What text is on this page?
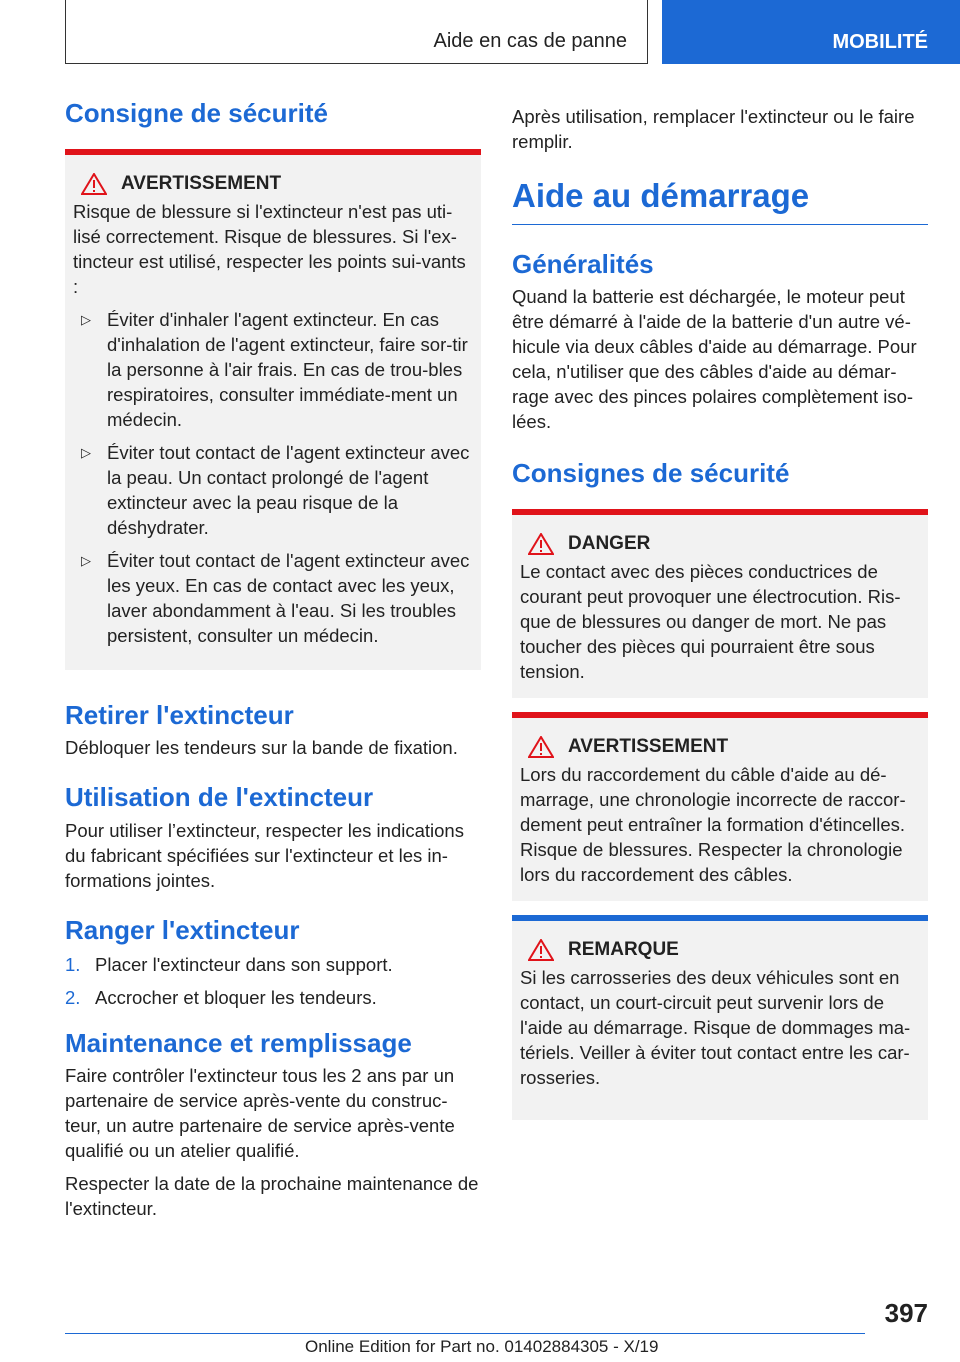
Aide en cas de panne	MOBILITÉ
Consigne de sécurité
AVERTISSEMENT

Risque de blessure si l'extincteur n'est pas uti-lisé correctement. Risque de blessures. Si l'ex-tincteur est utilisé, respecter les points sui-vants :

▷ Éviter d'inhaler l'agent extincteur. En cas d'inhalation de l'agent extincteur, faire sor-tir la personne à l'air frais. En cas de trou-bles respiratoires, consulter immédiate-ment un médecin.
▷ Éviter tout contact de l'agent extincteur avec la peau. Un contact prolongé de l'agent extincteur avec la peau risque de la déshydrater.
▷ Éviter tout contact de l'agent extincteur avec les yeux. En cas de contact avec les yeux, laver abondamment à l'eau. Si les troubles persistent, consulter un médecin.
Retirer l'extincteur

Débloquer les tendeurs sur la bande de fixation.

Utilisation de l'extincteur

Pour utiliser l’extincteur, respecter les indications du fabricant spécifiées sur l'extincteur et les in-formations jointes.

Ranger l'extincteur
1. Placer l'extincteur dans son support.
2. Accrocher et bloquer les tendeurs.
Maintenance et remplissage

Faire contrôler l'extincteur tous les 2 ans par un partenaire de service après-vente du construc-teur, un autre partenaire de service après-vente qualifié ou un atelier qualifié.

Respecter la date de la prochaine maintenance de l'extincteur.

Après utilisation, remplacer l'extincteur ou le faire remplir.

Aide au démarrage
Généralités

Quand la batterie est déchargée, le moteur peut être démarré à l'aide de la batterie d'un autre vé-hicule via deux câbles d'aide au démarrage. Pour cela, n'utiliser que des câbles d'aide au démar-rage avec des pinces polaires complètement iso-lées.

Consignes de sécurité
DANGER

Le contact avec des pièces conductrices de courant peut provoquer une électrocution. Ris-que de blessures ou danger de mort. Ne pas toucher des pièces qui pourraient être sous tension.

AVERTISSEMENT

Lors du raccordement du câble d'aide au dé-marrage, une chronologie incorrecte de raccor-dement peut entraîner la formation d'étincelles. Risque de blessures. Respecter la chronologie lors du raccordement des câbles.

REMARQUE

Si les carrosseries des deux véhicules sont en contact, un court-circuit peut survenir lors de l'aide au démarrage. Risque de dommages ma-tériels. Veiller à éviter tout contact entre les car-rosseries.

397
Online Edition for Part no. 01402884305 - X/19
